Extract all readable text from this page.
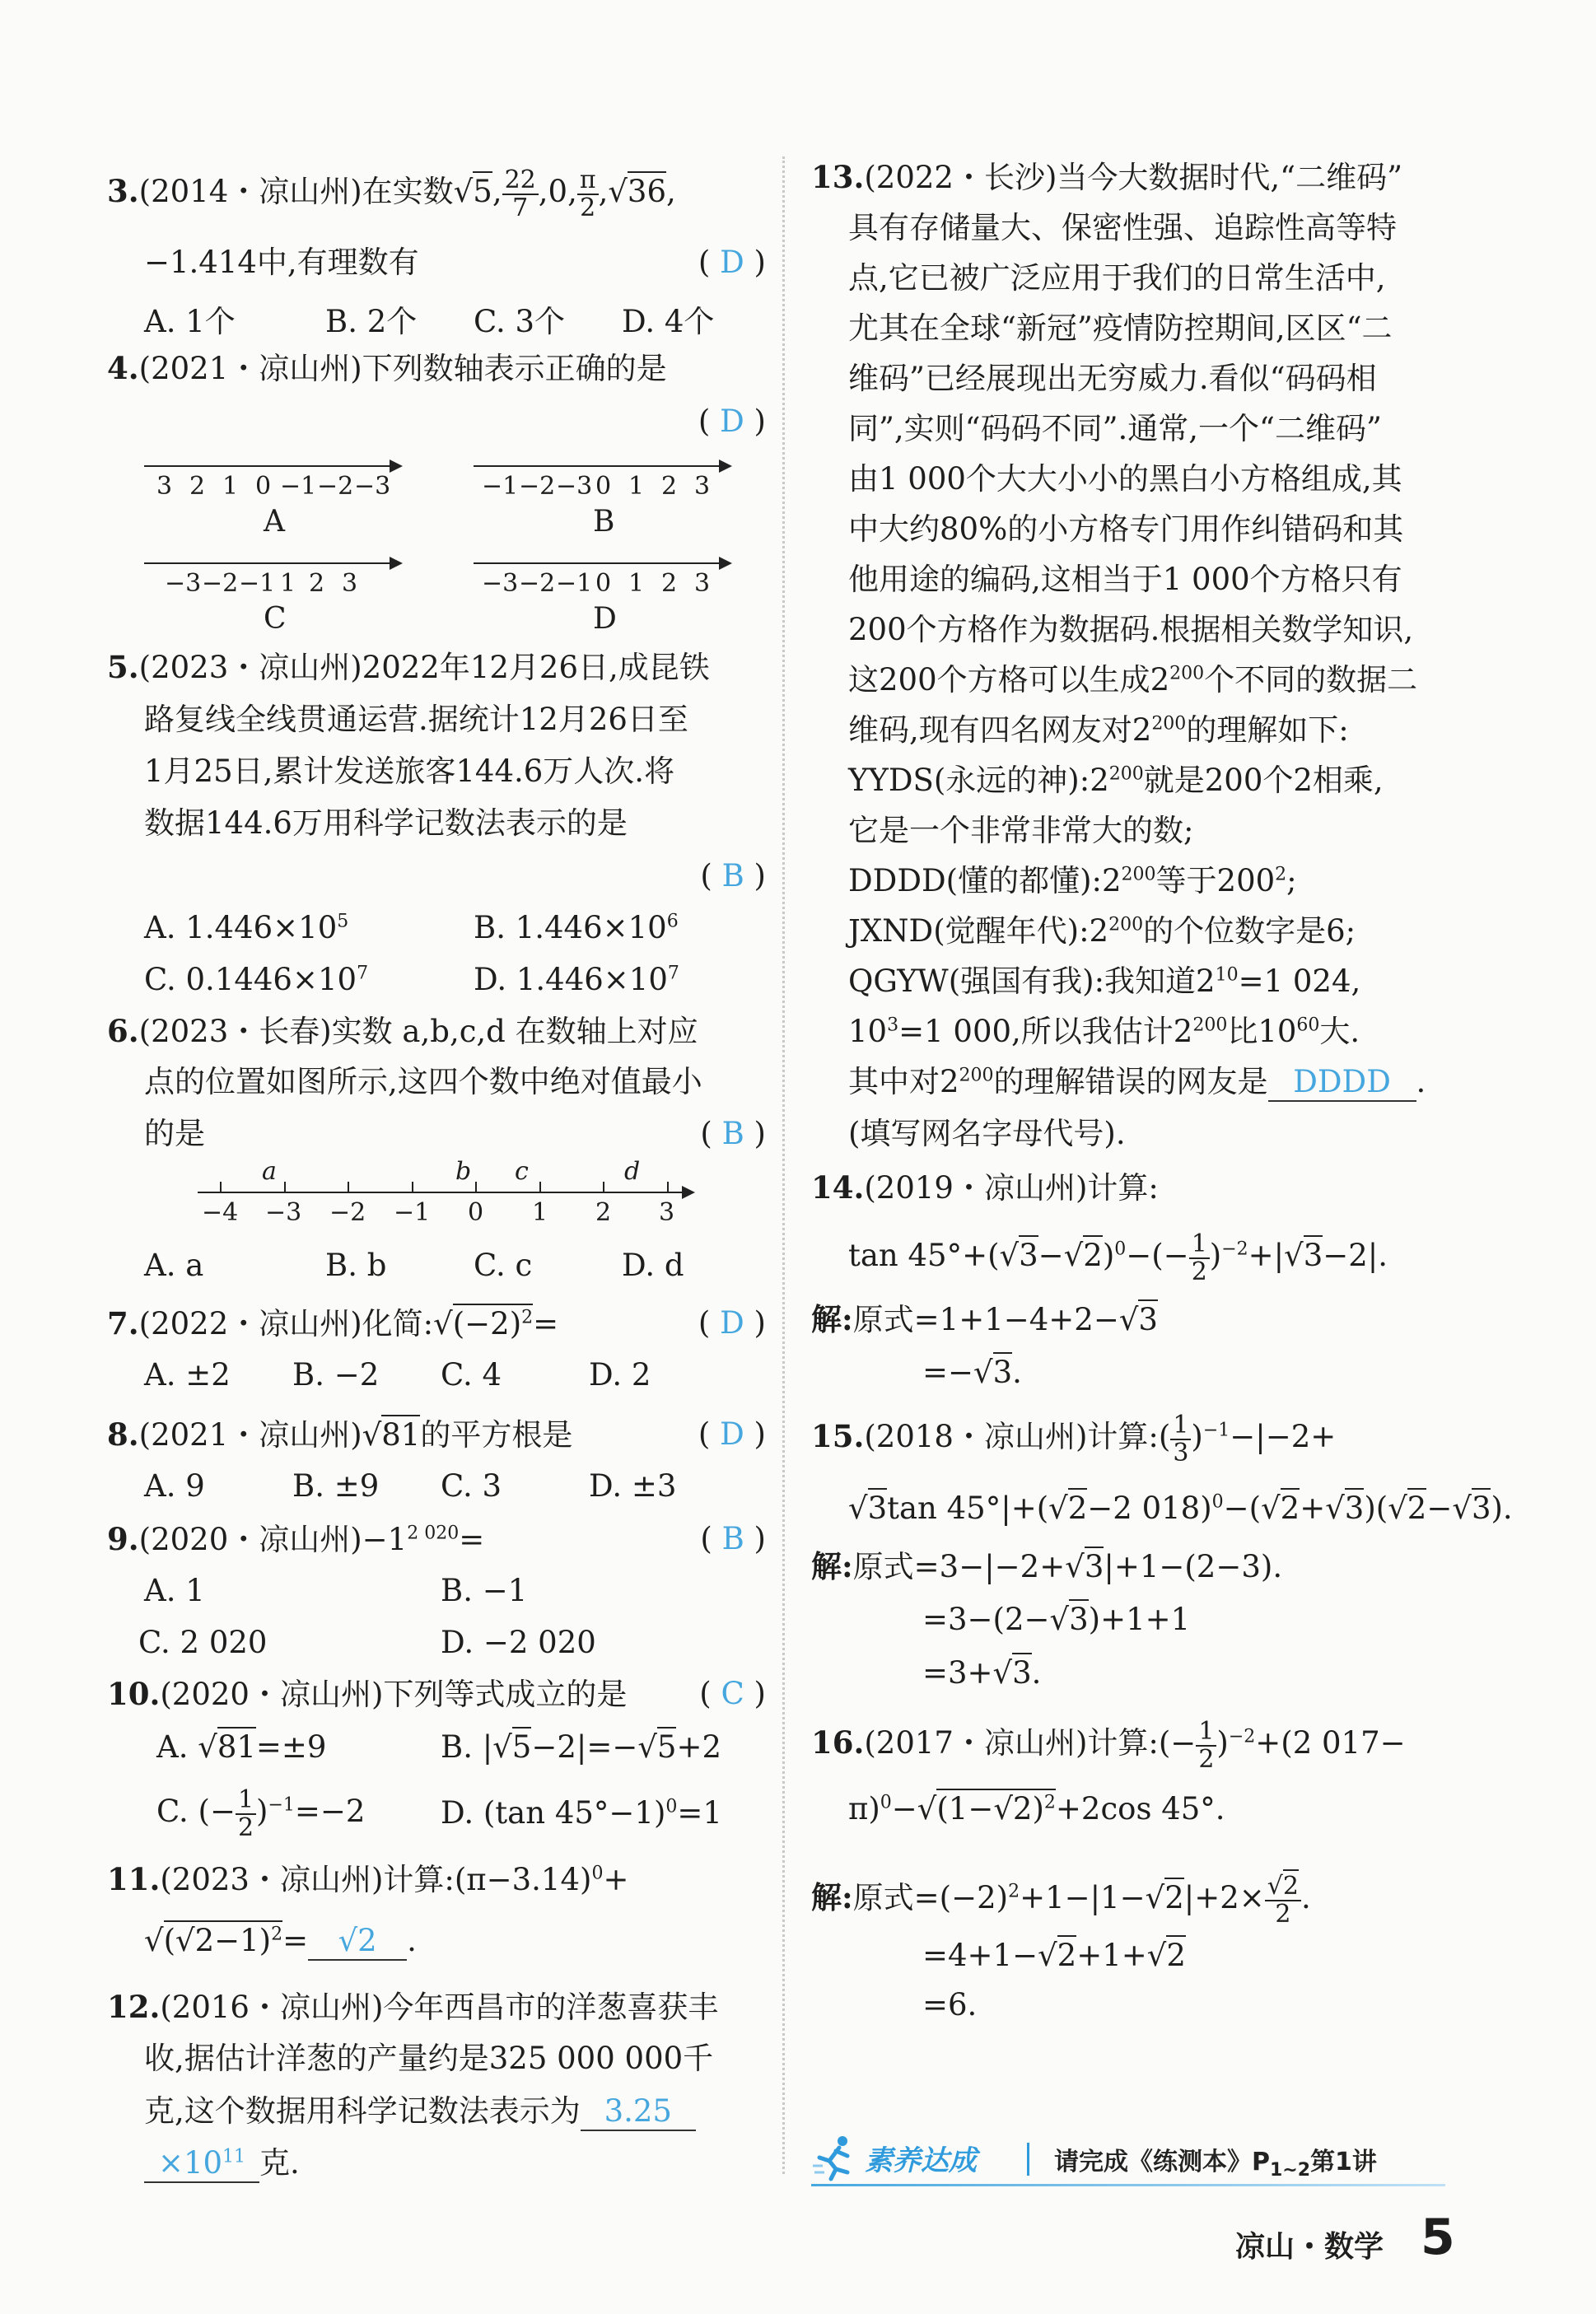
3.(2014・凉山州)在实数√5, $\frac{22}{7} ,0$, $\frac{\pi}{2} ,√36$,
−1.414中,有理数有	( D )
A. 1个	B. 2个 C. 3个 D. 4个
4.(2021・凉山州)下列数轴表示正确的是
( D )
3 2 1 0 −1 −2 −3
A
−1 −2 −3 0 1 2 3
B
−3 −2 −1 1 2 3
C
−3 −2 −1 0 1 2 3
D
5.(2023・凉山州)2022年12月26日,成昆铁
路复线全线贯通运营.据统计12月26日至
1月25日,累计发送旅客144.6万人次.将
数据144.6万用科学记数法表示的是
( B )
A. $1.446\times 10^5$	B. $1.446\times 10^6$
C. $0.1446\times 10^7$	D. $1.446\times 10^7$
6.(2023・长春)实数 a,b,c,d 在数轴上对应
点的位置如图所示,这四个数中绝对值最小
的是	( B )
−4 −3 −2 −1 0 1 2 3
a	b c	d
A. a	B. b	C. c	D. d
7.(2022・凉山州)化简$:√(-2)^2=$	( D )
A. ±2 B. −2 C. 4	D. 2
8.(2021・凉山州)√81的平方根是	( D )
A. 9	B. ±9 C. 3	D. ±3
9.(2020・凉山州)$-1^{2 020}=$	( B )
A. 1	B. −1
C. 2 020	D. −2 020
10.(2020・凉山州)下列等式成立的是 ( C )
A. √81=±9	B. |√5−2|=−√5+2
C. (− $\frac{1}{2} )^{-1}=-2$ D. (tan 45°−1)$^0$=1
11.(2023・凉山州)计算$:(\pi-3.14)^0+$
$√(√2-1)^2= √2$ .
12.(2016・凉山州)今年西昌市的洋葱喜获丰
收,据估计洋葱的产量约是325 000 000千
克,这个数据用科学记数法表示为 3.25
$\times 10^{11}$ 克.
13.(2022・长沙)当今大数据时代,“二维码”
具有存储量大、保密性强、追踪性高等特
点,它已被广泛应用于我们的日常生活中,
尤其在全球“新冠”疫情防控期间,区区“二
维码”已经展现出无穷威力.看似“码码相
同”,实则“码码不同”.通常,一个“二维码”
由1 000个大大小小的黑白小方格组成,其
中大约80%的小方格专门用作纠错码和其
他用途的编码,这相当于1 000个方格只有
200个方格作为数据码.根据相关数学知识,
这200个方格可以生成$2^{200}$个不同的数据二
维码,现有四名网友对$2^{200}$的理解如下:
YYDS(永远的神)$:2^{200}$就是200个2相乘,
它是一个非常非常大的数;
DDDD(懂的都懂)$:2^{200}$等于$200^2$;
JXND(觉醒年代)$:2^{200}$的个位数字是6;
QGYW(强国有我):我知道$2^{10}=1$ 024,
$10^3=1$ 000,所以我估计$2^{200}$比$10^{60}$大.
其中对$2^{200}$的理解错误的网友是 DDDD .
(填写网名字母代号).
14.(2019・凉山州)计算:
$\tan 45^\circ+(√3-√2)^0-(- \frac{1}{2} )^{-2}+|√3-2|$.
解:原式=1+1−4+2−√3
=−√3.
15.(2018・凉山州)计算:( $\frac{1}{3} )^{-1}-|-2+$
√3tan 45°|+(√2−2 018)$^0$−(√2+√3)(√2−√3).
解:原式=3−|−2+√3|+1−(2−3).
=3−(2−√3)+1+1
=3+√3.
16.(2017・凉山州)计算:(− $\frac{1}{2} )^{-2}+(2$ 017−
$\pi)^0-√(1-√2)^2+2\cos$ 45°.
解:原式$=(-2)^2+1-|1-√2|+2\times \frac{√2}{2}$ .
=4+1−√2+1+√2
=6.
素养达成	请完成《练测本》$P_{1\sim 2}$第1讲
凉山・数学 5
